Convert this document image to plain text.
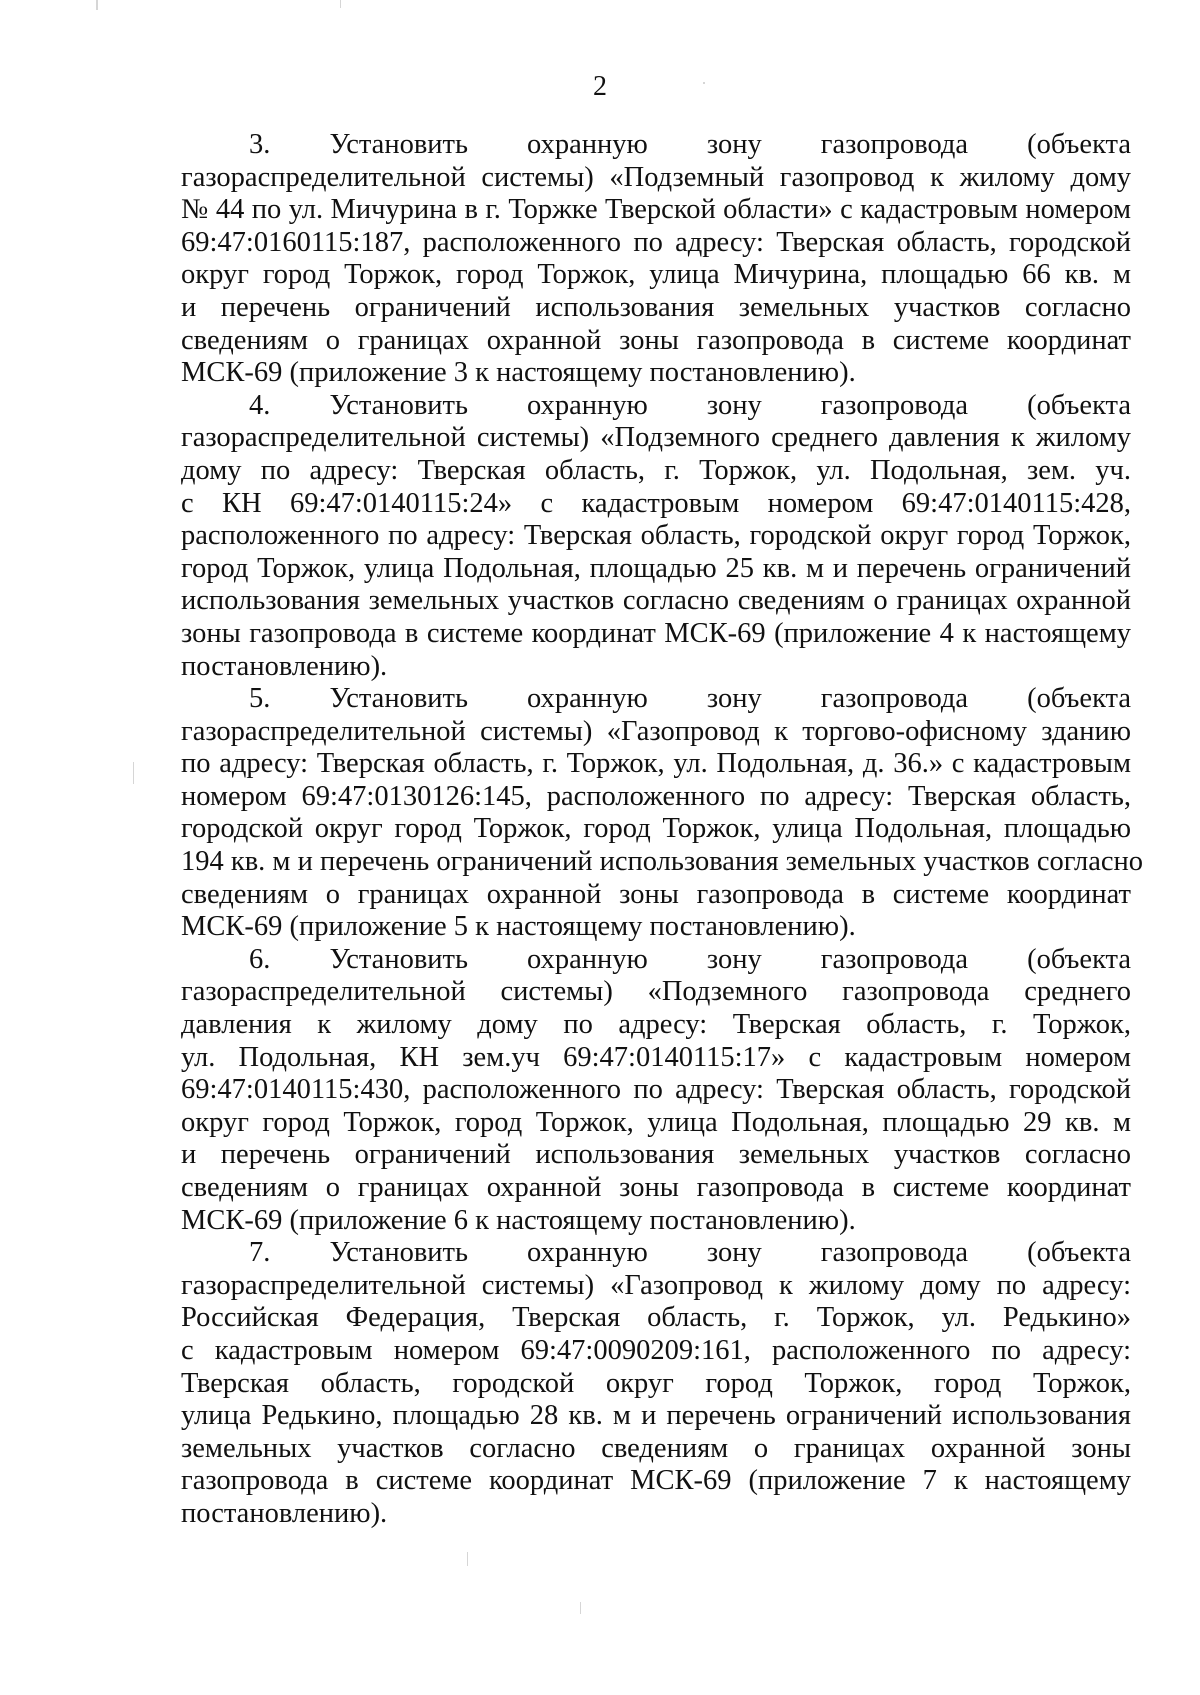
2
3. Установить охранную зону газопровода (объекта
газораспределительной системы) «Подземный газопровод к жилому дому
№ 44 по ул. Мичурина в г. Торжке Тверской области» с кадастровым номером
69:47:0160115:187, расположенного по адресу: Тверская область, городской
округ город Торжок, город Торжок, улица Мичурина, площадью 66 кв. м
и перечень ограничений использования земельных участков согласно
сведениям о границах охранной зоны газопровода в системе координат
МСК-69 (приложение 3 к настоящему постановлению).
4. Установить охранную зону газопровода (объекта
газораспределительной системы) «Подземного среднего давления к жилому
дому по адресу: Тверская область, г. Торжок, ул. Подольная, зем. уч.
с КН 69:47:0140115:24» с кадастровым номером 69:47:0140115:428,
расположенного по адресу: Тверская область, городской округ город Торжок,
город Торжок, улица Подольная, площадью 25 кв. м и перечень ограничений
использования земельных участков согласно сведениям о границах охранной
зоны газопровода в системе координат МСК-69 (приложение 4 к настоящему
постановлению).
5. Установить охранную зону газопровода (объекта
газораспределительной системы) «Газопровод к торгово-офисному зданию
по адресу: Тверская область, г. Торжок, ул. Подольная, д. 36.» с кадастровым
номером 69:47:0130126:145, расположенного по адресу: Тверская область,
городской округ город Торжок, город Торжок, улица Подольная, площадью
194 кв. м и перечень ограничений использования земельных участков согласно
сведениям о границах охранной зоны газопровода в системе координат
МСК-69 (приложение 5 к настоящему постановлению).
6. Установить охранную зону газопровода (объекта
газораспределительной системы) «Подземного газопровода среднего
давления к жилому дому по адресу: Тверская область, г. Торжок,
ул. Подольная, КН зем.уч 69:47:0140115:17» с кадастровым номером
69:47:0140115:430, расположенного по адресу: Тверская область, городской
округ город Торжок, город Торжок, улица Подольная, площадью 29 кв. м
и перечень ограничений использования земельных участков согласно
сведениям о границах охранной зоны газопровода в системе координат
МСК-69 (приложение 6 к настоящему постановлению).
7. Установить охранную зону газопровода (объекта
газораспределительной системы) «Газопровод к жилому дому по адресу:
Российская Федерация, Тверская область, г. Торжок, ул. Редькино»
с кадастровым номером 69:47:0090209:161, расположенного по адресу:
Тверская область, городской округ город Торжок, город Торжок,
улица Редькино, площадью 28 кв. м и перечень ограничений использования
земельных участков согласно сведениям о границах охранной зоны
газопровода в системе координат МСК-69 (приложение 7 к настоящему
постановлению).
